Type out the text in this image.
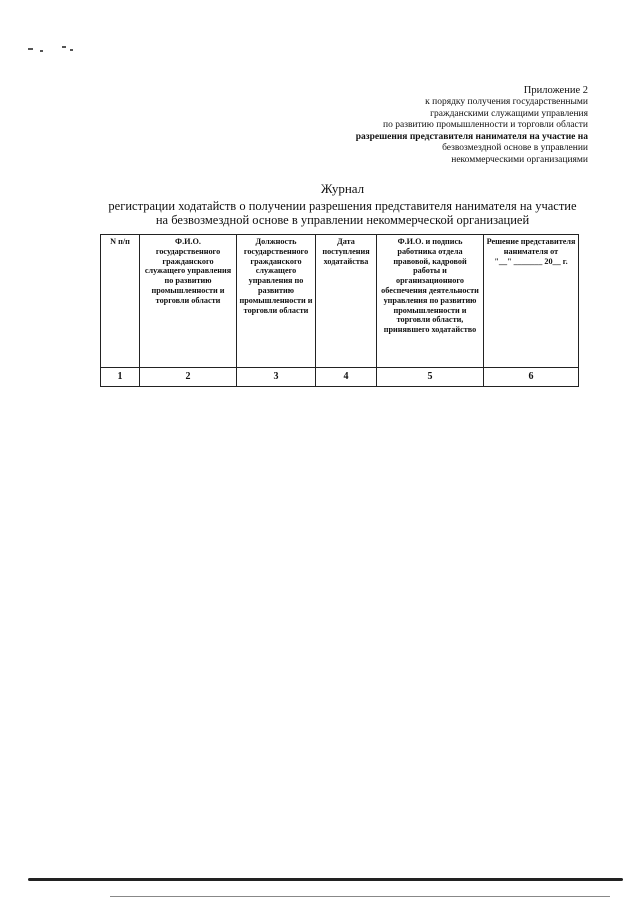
Приложение 2
к порядку получения государственными
гражданскими служащими управления
по развитию промышленности и торговли области
разрешения представителя нанимателя на участие на
безвозмездной основе в управлении
некоммерческими организациями
Журнал
регистрации ходатайств о получении разрешения представителя нанимателя на участие
на безвозмездной основе в управлении некоммерческой организацией
N п/п	Ф.И.О. государственного гражданского служащего управления по развитию промышленности и торговли области	Должность государственного гражданского служащего управления по развитию промышленности и торговли области	Дата поступления ходатайства	Ф.И.О. и подпись работника отдела правовой, кадровой работы и организационного обеспечения деятельности управления по развитию промышленности и торговли области, принявшего ходатайство	Решение представителя нанимателя от
"__" _______ 20__ г.

1	2	3	4	5	6
